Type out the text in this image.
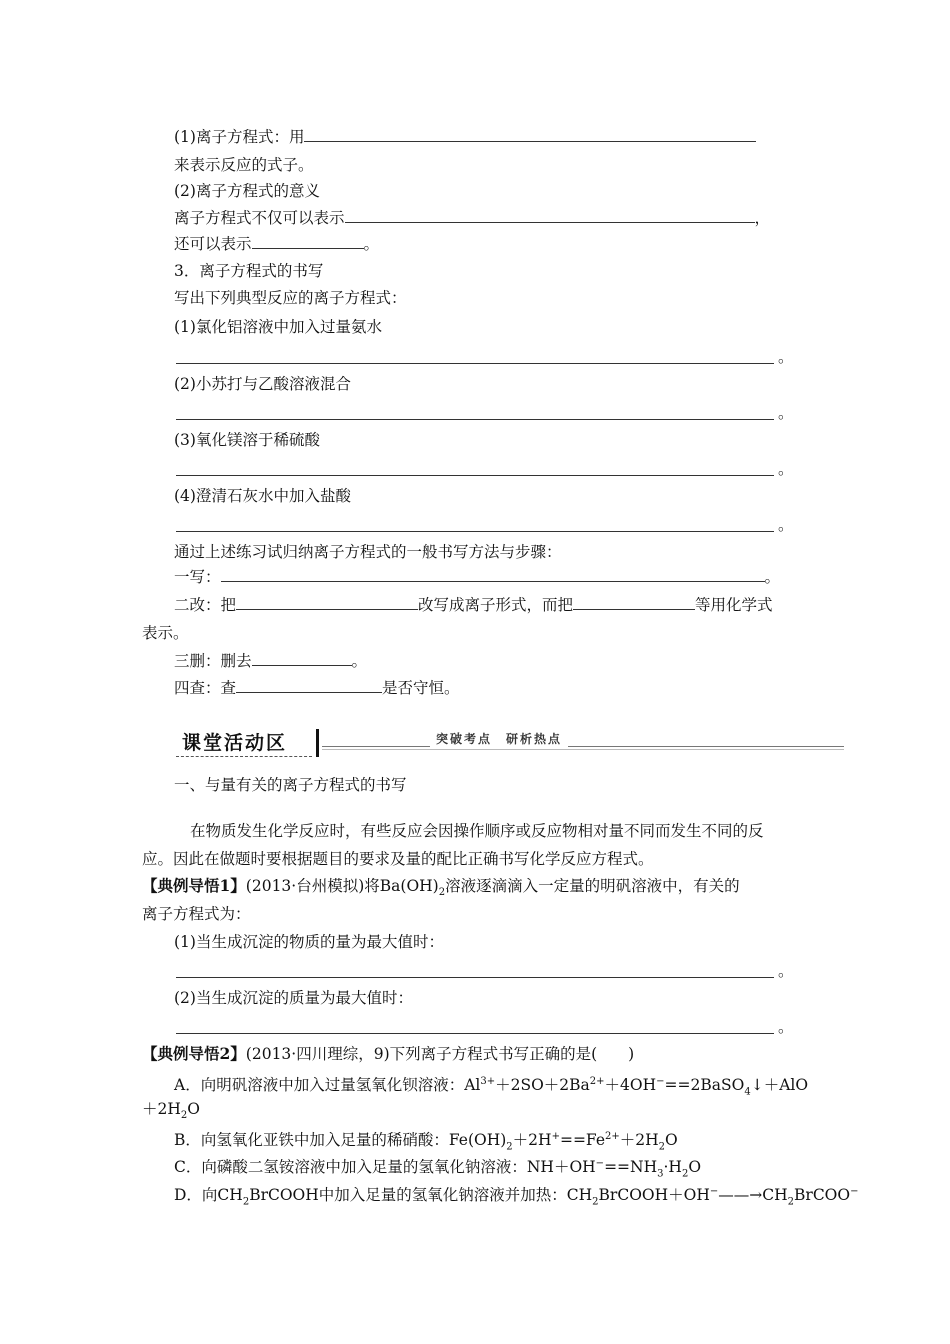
(1)离子方程式：用
来表示反应的式子。
(2)离子方程式的意义
离子方程式不仅可以表示	，
还可以表示	。
3．离子方程式的书写
写出下列典型反应的离子方程式：
(1)氯化铝溶液中加入过量氨水
。
(2)小苏打与乙酸溶液混合
。
(3)氧化镁溶于稀硫酸
。
(4)澄清石灰水中加入盐酸
。
通过上述练习试归纳离子方程式的一般书写方法与步骤：
一写：	。
二改：把	改写成离子形式，而把	等用化学式
表示。
三删：删去	。
四查：查	是否守恒。
课堂活动区	突破考点　研析热点
一、与量有关的离子方程式的书写
在物质发生化学反应时，有些反应会因操作顺序或反应物相对量不同而发生不同的反
应。因此在做题时要根据题目的要求及量的配比正确书写化学反应方程式。
【典例导悟1】(2013·台州模拟)将$Ba(OH)_2$溶液逐滴滴入一定量的明矾溶液中，有关的
离子方程式为：
(1)当生成沉淀的物质的量为最大值时：
。
(2)当生成沉淀的质量为最大值时：
。
【典例导悟2】(2013·四川理综，9)下列离子方程式书写正确的是(　　)
A．向明矾溶液中加入过量氢氧化钡溶液：$Al^{3+}+2SO+2Ba^{2+}+4OH^-==2BaSO_4↓+AlO$
$+2H_2O$
B．向氢氧化亚铁中加入足量的稀硝酸：$Fe(OH)_2+2H^+==Fe^{2+}+2H_2O$
C．向磷酸二氢铵溶液中加入足量的氢氧化钠溶液：$NH+OH^-==NH_3\cdot H_2O$
D．向$CH_2BrCOOH$中加入足量的氢氧化钠溶液并加热：$CH_2BrCOOH+OH^-——\to CH_2BrCOO^-$
